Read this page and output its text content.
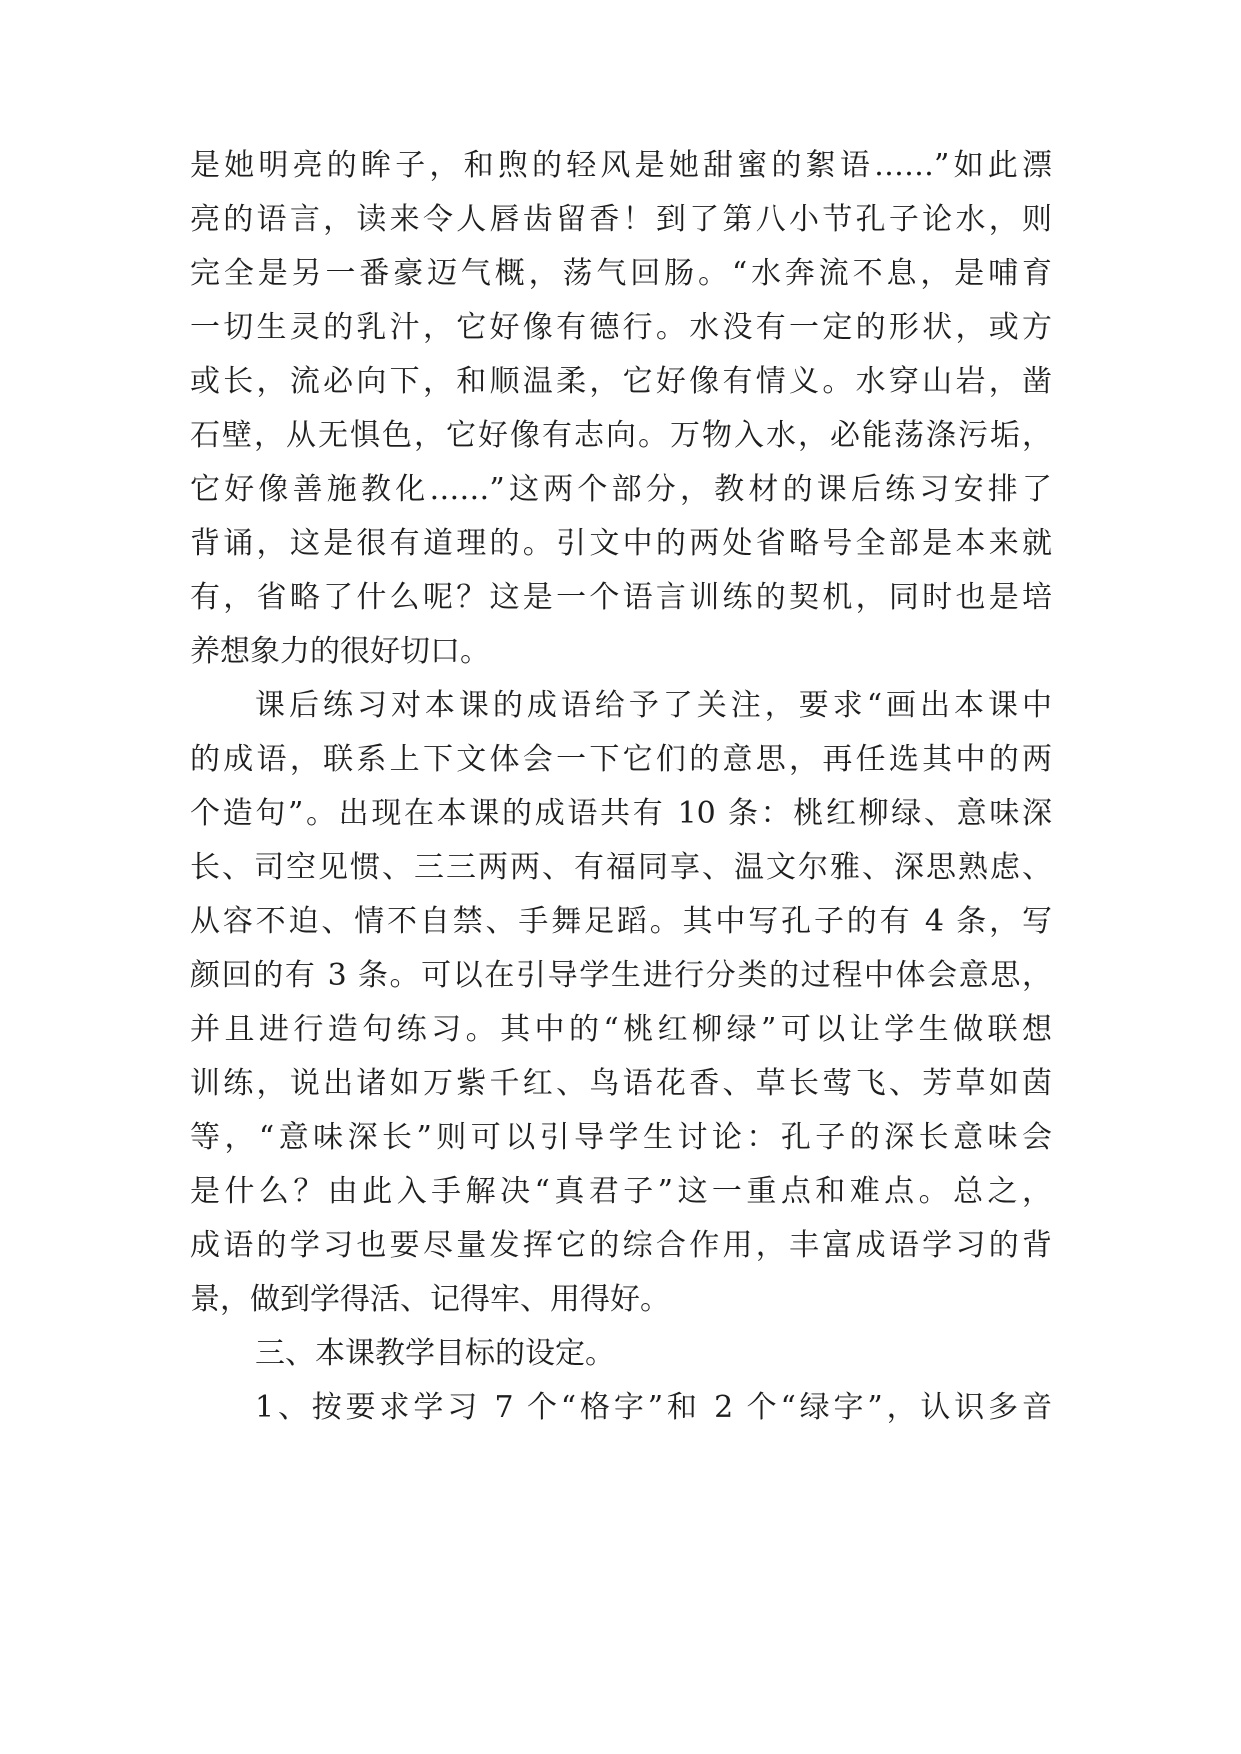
是她明亮的眸子，和煦的轻风是她甜蜜的絮语……”如此漂
亮的语言，读来令人唇齿留香！到了第八小节孔子论水，则
完全是另一番豪迈气概，荡气回肠。“水奔流不息，是哺育
一切生灵的乳汁，它好像有德行。水没有一定的形状，或方
或长，流必向下，和顺温柔，它好像有情义。水穿山岩，凿
石壁，从无惧色，它好像有志向。万物入水，必能荡涤污垢，
它好像善施教化……”这两个部分，教材的课后练习安排了
背诵，这是很有道理的。引文中的两处省略号全部是本来就
有，省略了什么呢？这是一个语言训练的契机，同时也是培
养想象力的很好切口。
课后练习对本课的成语给予了关注，要求“画出本课中
的成语，联系上下文体会一下它们的意思，再任选其中的两
个造句”。出现在本课的成语共有 10 条：桃红柳绿、意味深
长、司空见惯、三三两两、有福同享、温文尔雅、深思熟虑、
从容不迫、情不自禁、手舞足蹈。其中写孔子的有 4 条，写
颜回的有 3 条。可以在引导学生进行分类的过程中体会意思，
并且进行造句练习。其中的“桃红柳绿”可以让学生做联想
训练，说出诸如万紫千红、鸟语花香、草长莺飞、芳草如茵
等，“意味深长”则可以引导学生讨论：孔子的深长意味会
是什么？由此入手解决“真君子”这一重点和难点。总之，
成语的学习也要尽量发挥它的综合作用，丰富成语学习的背
景，做到学得活、记得牢、用得好。
三、本课教学目标的设定。
1、按要求学习 7 个“格字”和 2 个“绿字”，认识多音
